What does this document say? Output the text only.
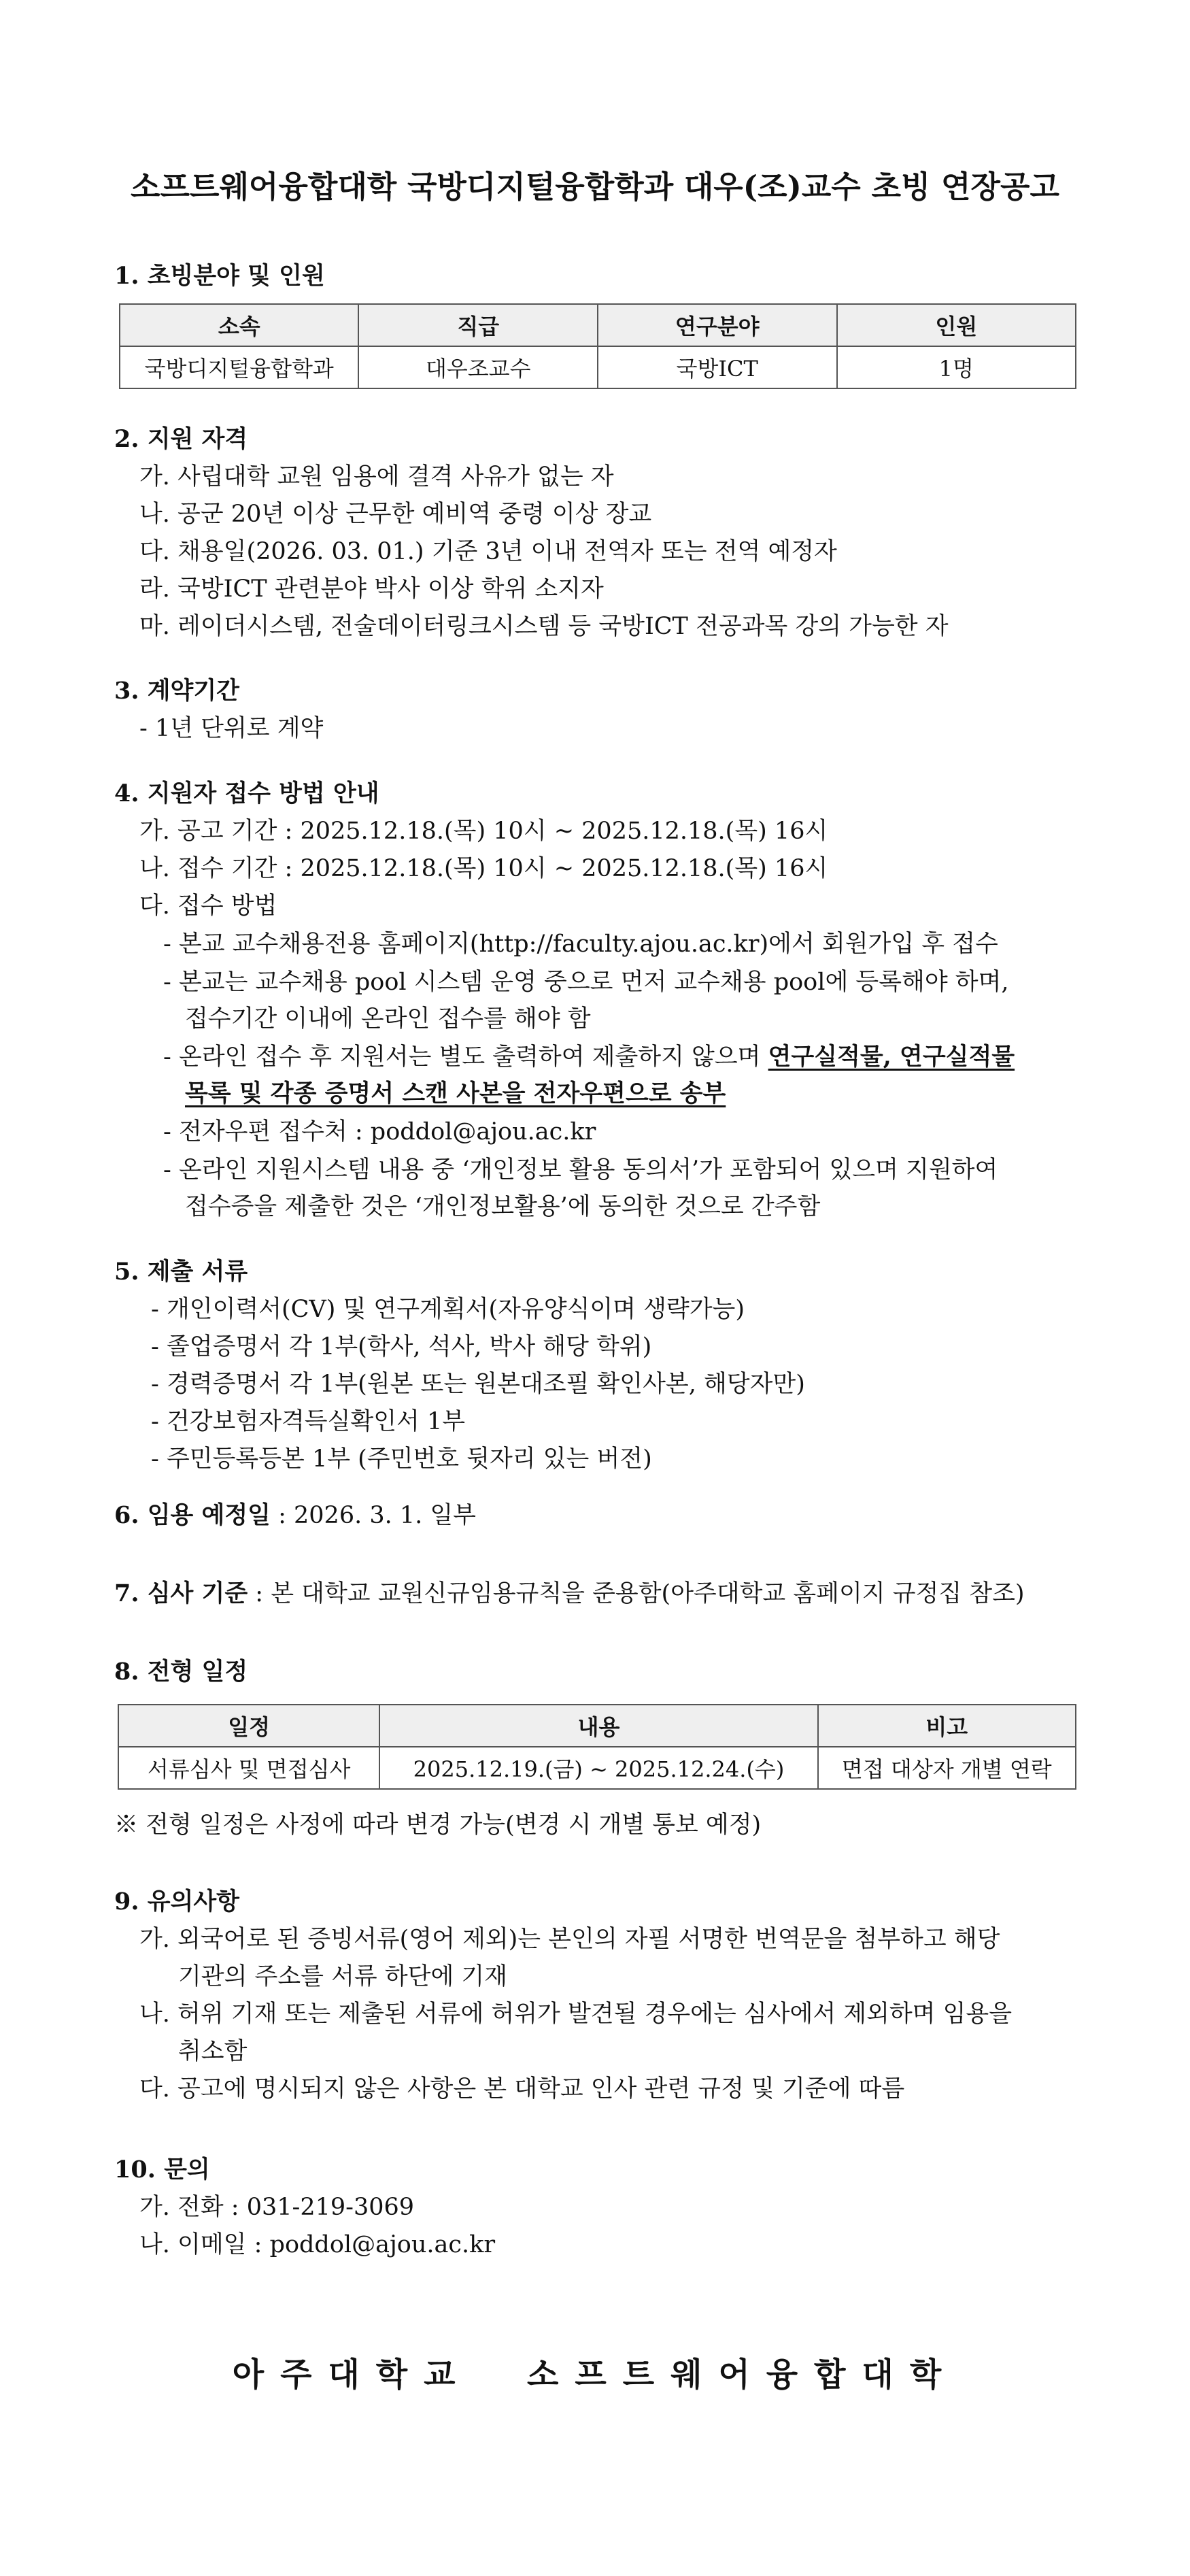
소프트웨어융합대학 국방디지털융합학과 대우(조)교수 초빙 연장공고
1. 초빙분야 및 인원
소속	직급	연구분야	인원
국방디지털융합학과	대우조교수	국방ICT	1명
2. 지원 자격
가. 사립대학 교원 임용에 결격 사유가 없는 자
나. 공군 20년 이상 근무한 예비역 중령 이상 장교
다. 채용일(2026. 03. 01.) 기준 3년 이내 전역자 또는 전역 예정자
라. 국방ICT 관련분야 박사 이상 학위 소지자
마. 레이더시스템, 전술데이터링크시스템 등 국방ICT 전공과목 강의 가능한 자
3. 계약기간
- 1년 단위로 계약
4. 지원자 접수 방법 안내
가. 공고 기간 : 2025.12.18.(목) 10시 ~ 2025.12.18.(목) 16시
나. 접수 기간 : 2025.12.18.(목) 10시 ~ 2025.12.18.(목) 16시
다. 접수 방법
- 본교 교수채용전용 홈페이지(http://faculty.ajou.ac.kr)에서 회원가입 후 접수
- 본교는 교수채용 pool 시스템 운영 중으로 먼저 교수채용 pool에 등록해야 하며,
접수기간 이내에 온라인 접수를 해야 함
- 온라인 접수 후 지원서는 별도 출력하여 제출하지 않으며 연구실적물, 연구실적물
목록 및 각종 증명서 스캔 사본을 전자우편으로 송부
- 전자우편 접수처 : poddol@ajou.ac.kr
- 온라인 지원시스템 내용 중 ‘개인정보 활용 동의서’가 포함되어 있으며 지원하여
접수증을 제출한 것은 ‘개인정보활용’에 동의한 것으로 간주함
5. 제출 서류
- 개인이력서(CV) 및 연구계획서(자유양식이며 생략가능)
- 졸업증명서 각 1부(학사, 석사, 박사 해당 학위)
- 경력증명서 각 1부(원본 또는 원본대조필 확인사본, 해당자만)
- 건강보험자격득실확인서 1부
- 주민등록등본 1부 (주민번호 뒷자리 있는 버전)
6. 임용 예정일 : 2026. 3. 1. 일부
7. 심사 기준 : 본 대학교 교원신규임용규칙을 준용함(아주대학교 홈페이지 규정집 참조)
8. 전형 일정
일정	내용	비고
서류심사 및 면접심사	2025.12.19.(금) ~ 2025.12.24.(수)	면접 대상자 개별 연락
※ 전형 일정은 사정에 따라 변경 가능(변경 시 개별 통보 예정)
9. 유의사항
가. 외국어로 된 증빙서류(영어 제외)는 본인의 자필 서명한 번역문을 첨부하고 해당
기관의 주소를 서류 하단에 기재
나. 허위 기재 또는 제출된 서류에 허위가 발견될 경우에는 심사에서 제외하며 임용을
취소함
다. 공고에 명시되지 않은 사항은 본 대학교 인사 관련 규정 및 기준에 따름
10. 문의
가. 전화 : 031-219-3069
나. 이메일 : poddol@ajou.ac.kr
아주대학교  소프트웨어융합대학
